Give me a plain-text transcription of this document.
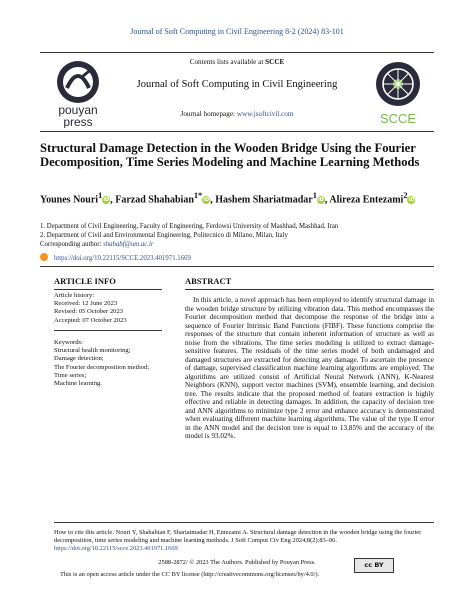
Journal of Soft Computing in Civil Engineering 8-2 (2024) 83-101
pouyan
press
Contents lists available at SCCE
Journal of Soft Computing in Civil Engineering
Journal homepage: www.jsoftcivil.com	SCCE
Structural Damage Detection in the Wooden Bridge Using the Fourier Decomposition, Time Series Modeling and Machine Learning Methods
Younes Nouri$^1$iD, Farzad Shahabian$^{1*}$iD, Hashem Shariatmadar$^1$iD, Alireza Entezami$^2$iD
1. Department of Civil Engineering, Faculty of Engineering, Ferdowsi University of Mashhad, Mashhad, Iran
2. Department of Civil and Environmental Engineering, Politecnico di Milano, Milan, Italy
Corresponding author: shahabf@um.ac.ir
https://doi.org/10.22115/SCCE.2023.401971.1669
ARTICLE INFO	ABSTRACT
Article history:
Received: 12 June 2023
Revised: 05 October 2023
Accepted: 07 October 2023
Keywords:
Structural health monitoring;
Damage detection;
The Fourier decomposition method;
Time series;
Machine learning.
In this article, a novel approach has been employed to identify structural damage in the wooden bridge structure by utilizing vibration data. This method encompasses the Fourier decomposition method that decompose the response of the bridge into a sequence of Fourier Intrinsic Band Functions (FIBF). These functions comprise the responses of the structure that contain inherent information of structure as well as noise from the vibrations. The time series modeling is utilized to extract damage-sensitive features. The residuals of the time series model of both undamaged and damaged structures are extracted for detecting any damage. To ascertain the presence of damage, supervised classification machine learning algorithms are employed. The algorithms are utilized consist of Artificial Neural Network (ANN), K-Nearest Neighbors (KNN), support vector machines (SVM), ensemble learning, and decision tree. The results indicate that the proposed method of feature extraction is highly effective and reliable in detecting damages. In addition, the capacity of decision tree and ANN algorithms to minimize type 2 error and enhance accuracy is demonstrated when evaluating different machine learning algorithms. The value of the type II error in the ANN model and the decision tree is equal to 13.85% and the accuracy of the model is 93.02%.
How to cite this article: Nouri Y, Shahabian F, Shariatmadar H, Entezami A. Structural damage detection in the wooden bridge using the fourier decomposition, time series modeling and machine learning methods. J Soft Comput Civ Eng 2024;8(2):83–06.
https://doi.org/10.22115/scce.2023.401971.1669
2588-2872/ © 2023 The Authors. Published by Pouyan Press.
This is an open access article under the CC BY license (http://creativecommons.org/licenses/by/4.0/).
cc BY
